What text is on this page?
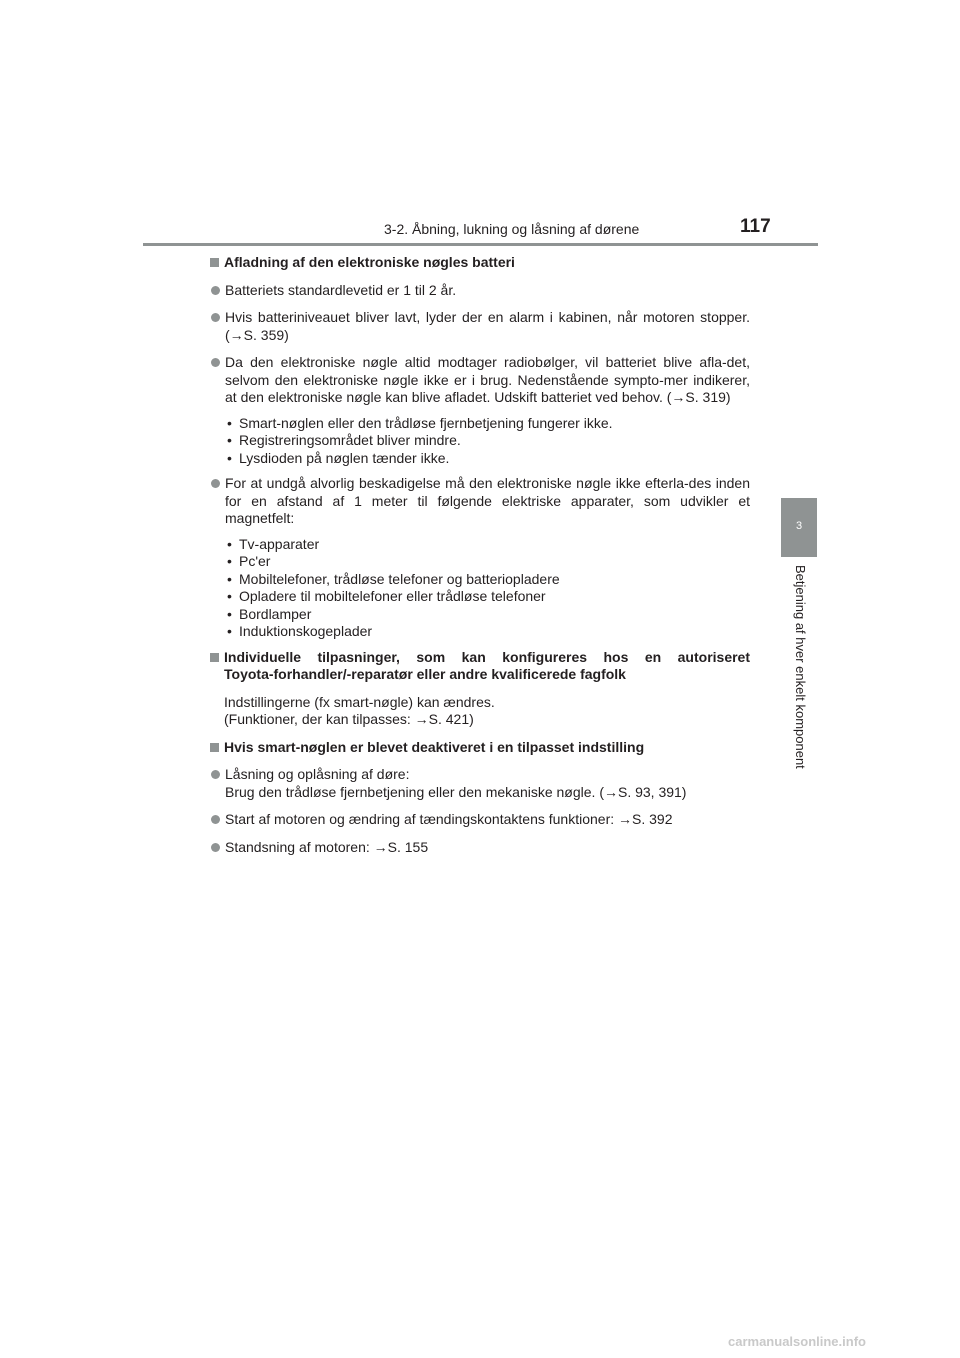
3-2. Åbning, lukning og låsning af dørene	117
3
Betjening af hver enkelt komponent
Afladning af den elektroniske nøgles batteri
Batteriets standardlevetid er 1 til 2 år.
Hvis batteriniveauet bliver lavt, lyder der en alarm i kabinen, når motoren stopper. (→S. 359)
Da den elektroniske nøgle altid modtager radiobølger, vil batteriet blive afla-det, selvom den elektroniske nøgle ikke er i brug. Nedenstående sympto-mer indikerer, at den elektroniske nøgle kan blive afladet. Udskift batteriet ved behov. (→S. 319)
• Smart-nøglen eller den trådløse fjernbetjening fungerer ikke.
• Registreringsområdet bliver mindre.
• Lysdioden på nøglen tænder ikke.
For at undgå alvorlig beskadigelse må den elektroniske nøgle ikke efterla-des inden for en afstand af 1 meter til følgende elektriske apparater, som udvikler et magnetfelt:
• Tv-apparater
• Pc'er
• Mobiltelefoner, trådløse telefoner og batteriopladere
• Opladere til mobiltelefoner eller trådløse telefoner
• Bordlamper
• Induktionskogeplader
Individuelle tilpasninger, som kan konfigureres hos en autoriseret
Toyota-forhandler/-reparatør eller andre kvalificerede fagfolk
Indstillingerne (fx smart-nøgle) kan ændres.
(Funktioner, der kan tilpasses: →S. 421)
Hvis smart-nøglen er blevet deaktiveret i en tilpasset indstilling
Låsning og oplåsning af døre:
Brug den trådløse fjernbetjening eller den mekaniske nøgle. (→S. 93, 391)
Start af motoren og ændring af tændingskontaktens funktioner: →S. 392
Standsning af motoren: →S. 155
carmanualsonline.info
